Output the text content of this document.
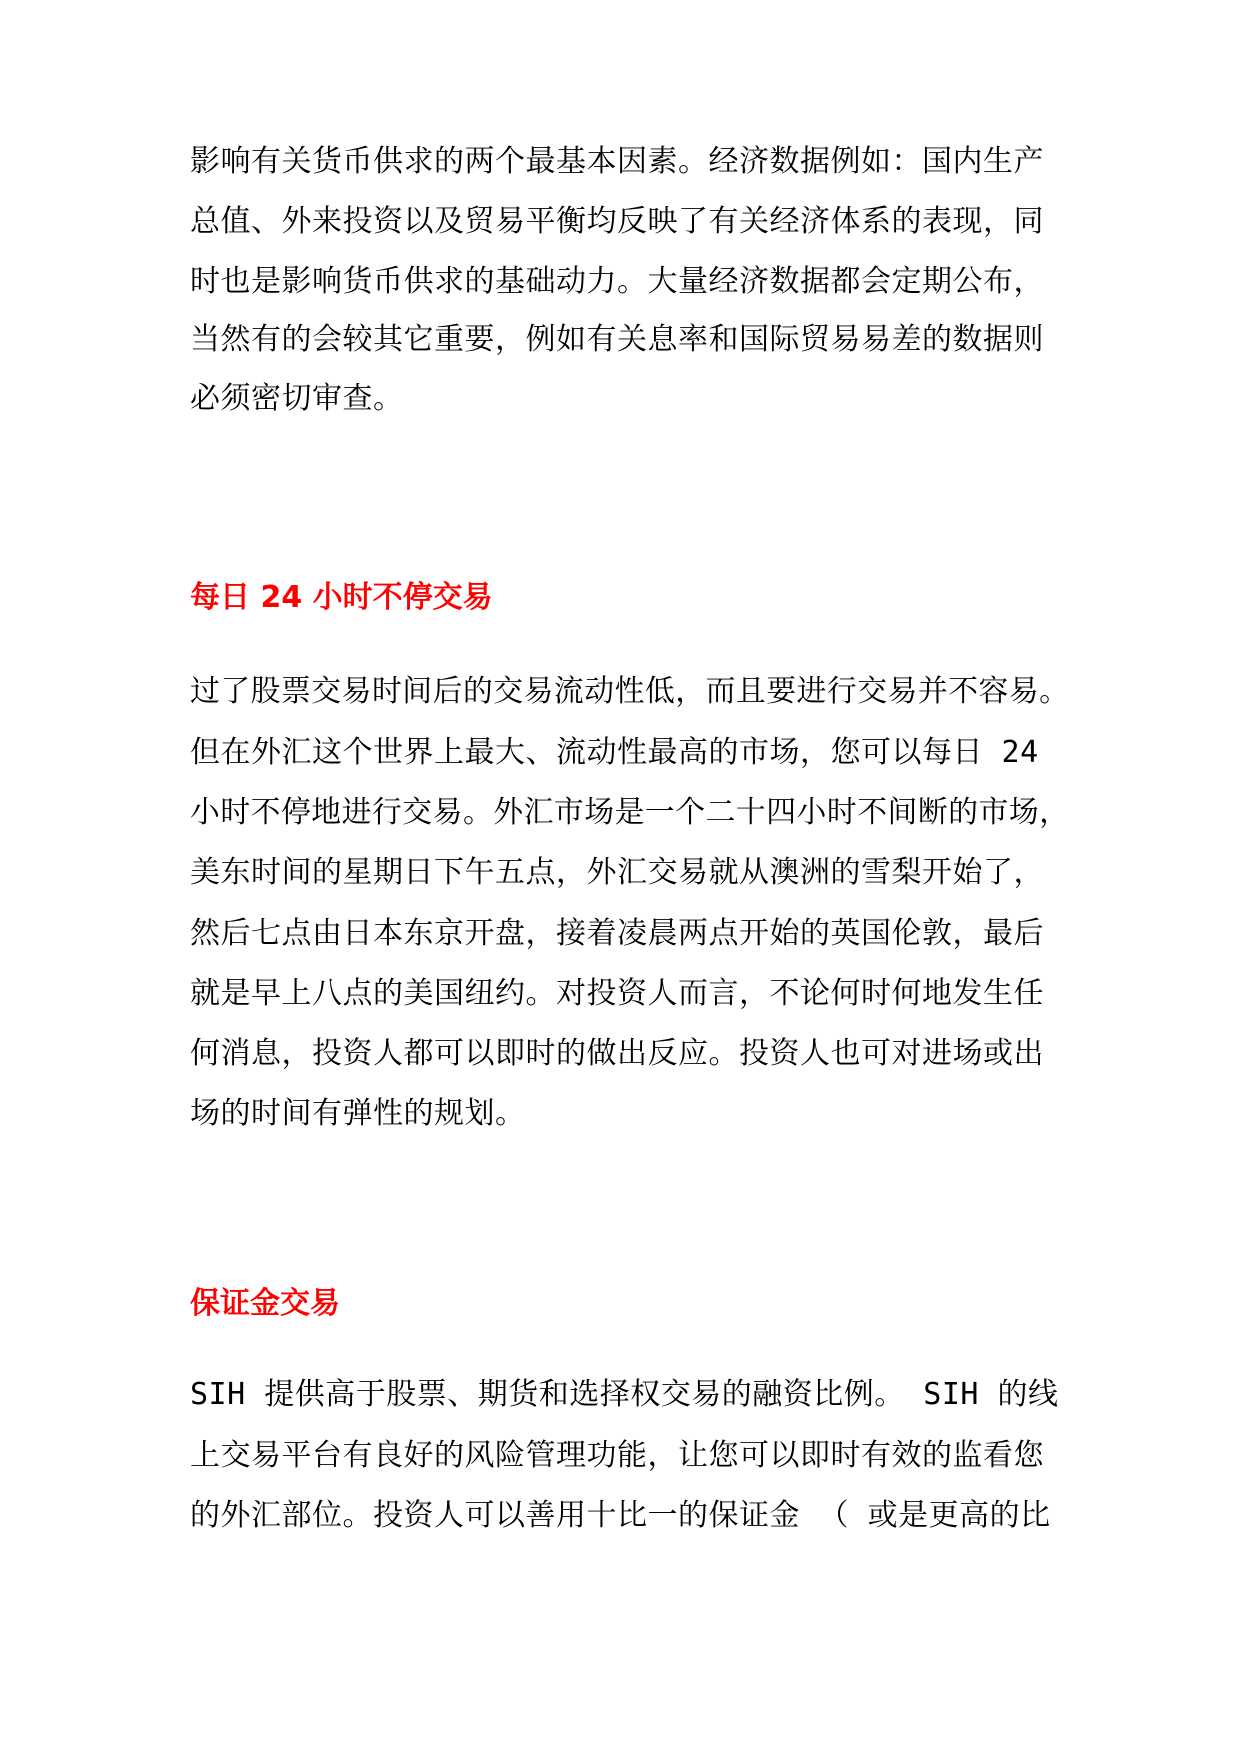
影响有关货币供求的两个最基本因素。经济数据例如：国内生产
总值、外来投资以及贸易平衡均反映了有关经济体系的表现，同
时也是影响货币供求的基础动力。大量经济数据都会定期公布，
当然有的会较其它重要，例如有关息率和国际贸易易差的数据则
必须密切审查。
每日 24 小时不停交易
过了股票交易时间后的交易流动性低，而且要进行交易并不容易。
但在外汇这个世界上最大、流动性最高的市场，您可以每日 24
小时不停地进行交易。外汇市场是一个二十四小时不间断的市场，
美东时间的星期日下午五点，外汇交易就从澳洲的雪梨开始了，
然后七点由日本东京开盘，接着凌晨两点开始的英国伦敦，最后
就是早上八点的美国纽约。对投资人而言，不论何时何地发生任
何消息，投资人都可以即时的做出反应。投资人也可对进场或出
场的时间有弹性的规划。
保证金交易
SIH 提供高于股票、期货和选择权交易的融资比例。 SIH 的线
上交易平台有良好的风险管理功能，让您可以即时有效的监看您
的外汇部位。投资人可以善用十比一的保证金 （ 或是更高的比
